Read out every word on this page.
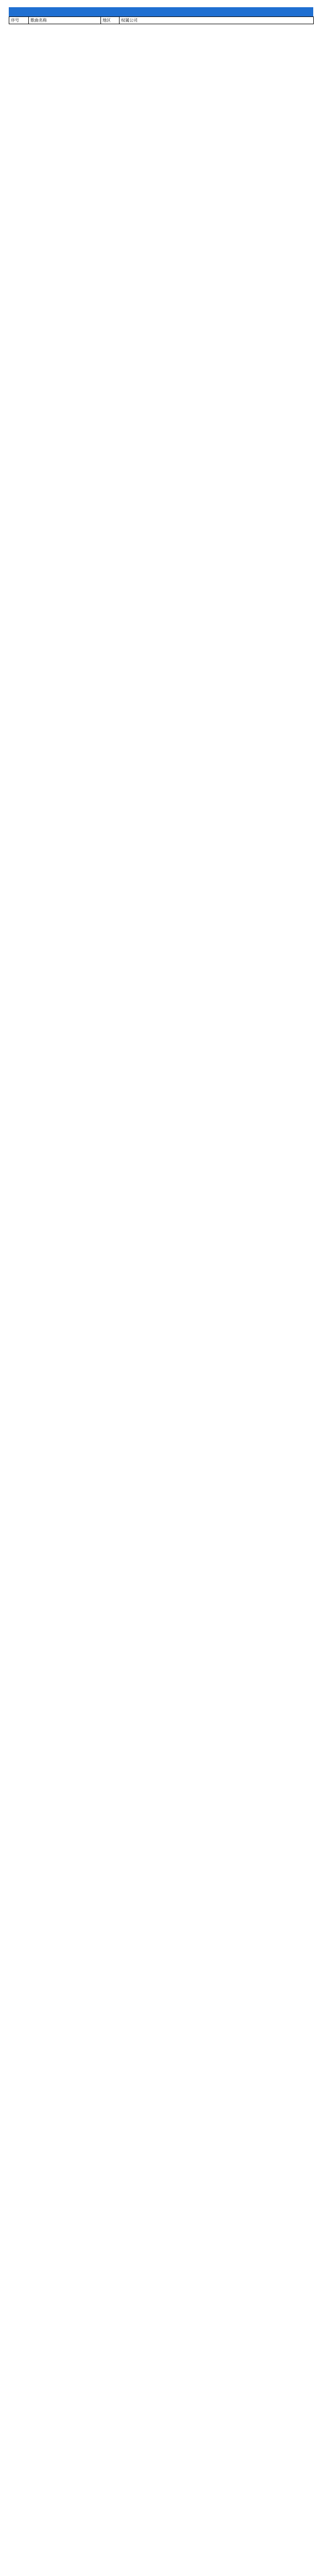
序号	歌曲名称	地区	权属公司
